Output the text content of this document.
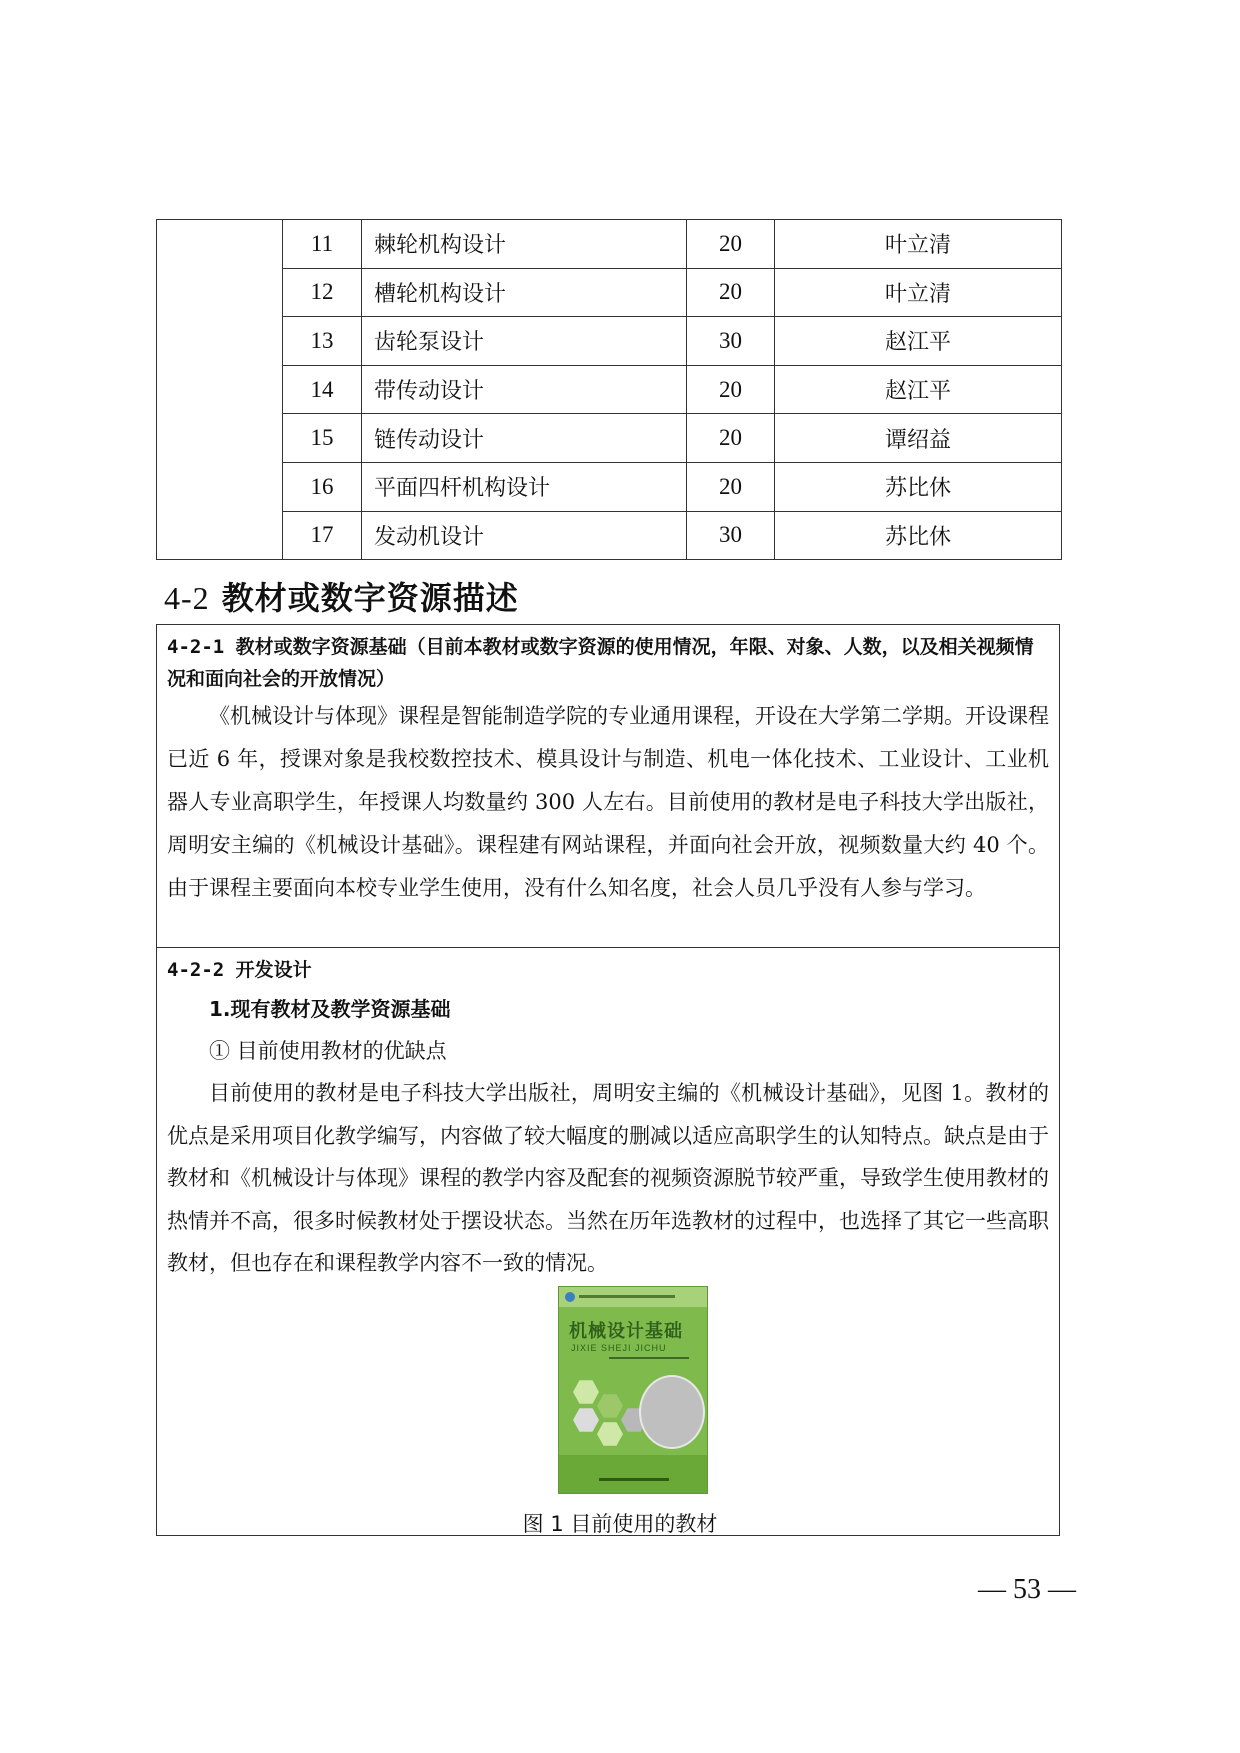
	11	棘轮机构设计	20	叶立清
	12	槽轮机构设计	20	叶立清
	13	齿轮泵设计	30	赵江平
	14	带传动设计	20	赵江平
	15	链传动设计	20	谭绍益
	16	平面四杆机构设计	20	苏比休
	17	发动机设计	30	苏比休
4-2 教材或数字资源描述
4-2-1 教材或数字资源基础（目前本教材或数字资源的使用情况，年限、对象、人数，以及相关视频情况和面向社会的开放情况）

《机械设计与体现》课程是智能制造学院的专业通用课程，开设在大学第二学期。开设课程已近 6 年，授课对象是我校数控技术、模具设计与制造、机电一体化技术、工业设计、工业机器人专业高职学生，年授课人均数量约 300 人左右。目前使用的教材是电子科技大学出版社，周明安主编的《机械设计基础》。课程建有网站课程，并面向社会开放，视频数量大约 40 个。由于课程主要面向本校专业学生使用，没有什么知名度，社会人员几乎没有人参与学习。

4-2-2 开发设计
1.现有教材及教学资源基础
① 目前使用教材的优缺点

目前使用的教材是电子科技大学出版社，周明安主编的《机械设计基础》，见图 1。教材的优点是采用项目化教学编写，内容做了较大幅度的删减以适应高职学生的认知特点。缺点是由于教材和《机械设计与体现》课程的教学内容及配套的视频资源脱节较严重，导致学生使用教材的热情并不高，很多时候教材处于摆设状态。当然在历年选教材的过程中，也选择了其它一些高职教材，但也存在和课程教学内容不一致的情况。

机械设计基础
JIXIE SHEJI JICHU
图 1 目前使用的教材
— 53 —
